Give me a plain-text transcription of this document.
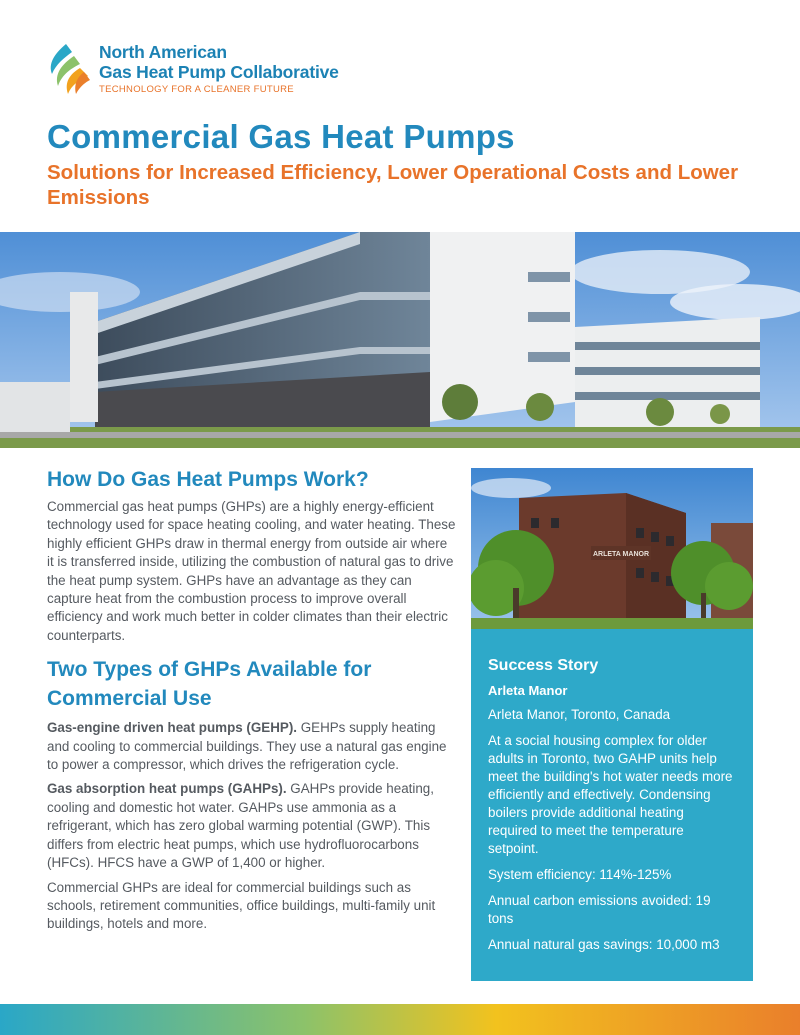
North American
Gas Heat Pump Collaborative
TECHNOLOGY FOR A CLEANER FUTURE
Commercial Gas Heat Pumps
Solutions for Increased Efficiency, Lower Operational Costs and Lower Emissions
How Do Gas Heat Pumps Work?

Commercial gas heat pumps (GHPs) are a highly energy-efficient technology used for space heating cooling, and water heating. These highly efficient GHPs draw in thermal energy from outside air where it is transferred inside, utilizing the combustion of natural gas to drive the heat pump system. GHPs have an advantage as they can capture heat from the combustion process to improve overall efficiency and work much better in colder climates than their electric counterparts.

Two Types of GHPs Available for Commercial Use

Gas-engine driven heat pumps (GEHP). GEHPs supply heating and cooling to commercial buildings. They use a natural gas engine to power a compressor, which drives the refrigeration cycle.

Gas absorption heat pumps (GAHPs). GAHPs provide heating, cooling and domestic hot water. GAHPs use ammonia as a refrigerant, which has zero global warming potential (GWP). This differs from electric heat pumps, which use hydrofluorocarbons (HFCs). HFCS have a GWP of 1,400 or higher.

Commercial GHPs are ideal for commercial buildings such as schools, retirement communities, office buildings, multi-family unit buildings, hotels and more.

ARLETA MANOR
Success Story

Arleta Manor

Arleta Manor, Toronto, Canada

At a social housing complex for older adults in Toronto, two GAHP units help meet the building's hot water needs more efficiently and effectively. Condensing boilers provide additional heating required to meet the temperature setpoint.

System efficiency: 114%-125%

Annual carbon emissions avoided: 19 tons

Annual natural gas savings: 10,000 m3
